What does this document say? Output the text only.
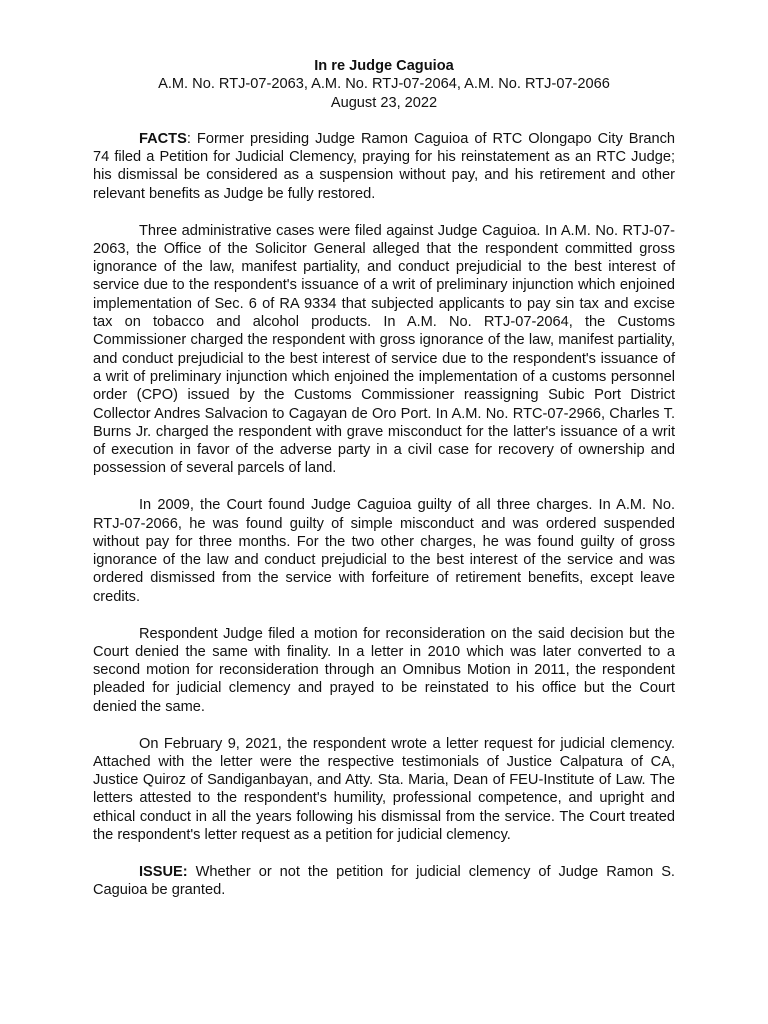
In re Judge Caguioa
A.M. No. RTJ-07-2063, A.M. No. RTJ-07-2064, A.M. No. RTJ-07-2066
August 23, 2022

FACTS: Former presiding Judge Ramon Caguioa of RTC Olongapo City Branch 74 filed a Petition for Judicial Clemency, praying for his reinstatement as an RTC Judge; his dismissal be considered as a suspension without pay, and his retirement and other relevant benefits as Judge be fully restored.

Three administrative cases were filed against Judge Caguioa. In A.M. No. RTJ-07-2063, the Office of the Solicitor General alleged that the respondent committed gross ignorance of the law, manifest partiality, and conduct prejudicial to the best interest of service due to the respondent's issuance of a writ of preliminary injunction which enjoined implementation of Sec. 6 of RA 9334 that subjected applicants to pay sin tax and excise tax on tobacco and alcohol products. In A.M. No. RTJ-07-2064, the Customs Commissioner charged the respondent with gross ignorance of the law, manifest partiality, and conduct prejudicial to the best interest of service due to the respondent's issuance of a writ of preliminary injunction which enjoined the implementation of a customs personnel order (CPO) issued by the Customs Commissioner reassigning Subic Port District Collector Andres Salvacion to Cagayan de Oro Port. In A.M. No. RTC-07-2966, Charles T. Burns Jr. charged the respondent with grave misconduct for the latter's issuance of a writ of execution in favor of the adverse party in a civil case for recovery of ownership and possession of several parcels of land.

In 2009, the Court found Judge Caguioa guilty of all three charges. In A.M. No. RTJ-07-2066, he was found guilty of simple misconduct and was ordered suspended without pay for three months. For the two other charges, he was found guilty of gross ignorance of the law and conduct prejudicial to the best interest of the service and was ordered dismissed from the service with forfeiture of retirement benefits, except leave credits.

Respondent Judge filed a motion for reconsideration on the said decision but the Court denied the same with finality. In a letter in 2010 which was later converted to a second motion for reconsideration through an Omnibus Motion in 2011, the respondent pleaded for judicial clemency and prayed to be reinstated to his office but the Court denied the same.

On February 9, 2021, the respondent wrote a letter request for judicial clemency. Attached with the letter were the respective testimonials of Justice Calpatura of CA, Justice Quiroz of Sandiganbayan, and Atty. Sta. Maria, Dean of FEU-Institute of Law. The letters attested to the respondent's humility, professional competence, and upright and ethical conduct in all the years following his dismissal from the service. The Court treated the respondent's letter request as a petition for judicial clemency.

ISSUE: Whether or not the petition for judicial clemency of Judge Ramon S. Caguioa be granted.
